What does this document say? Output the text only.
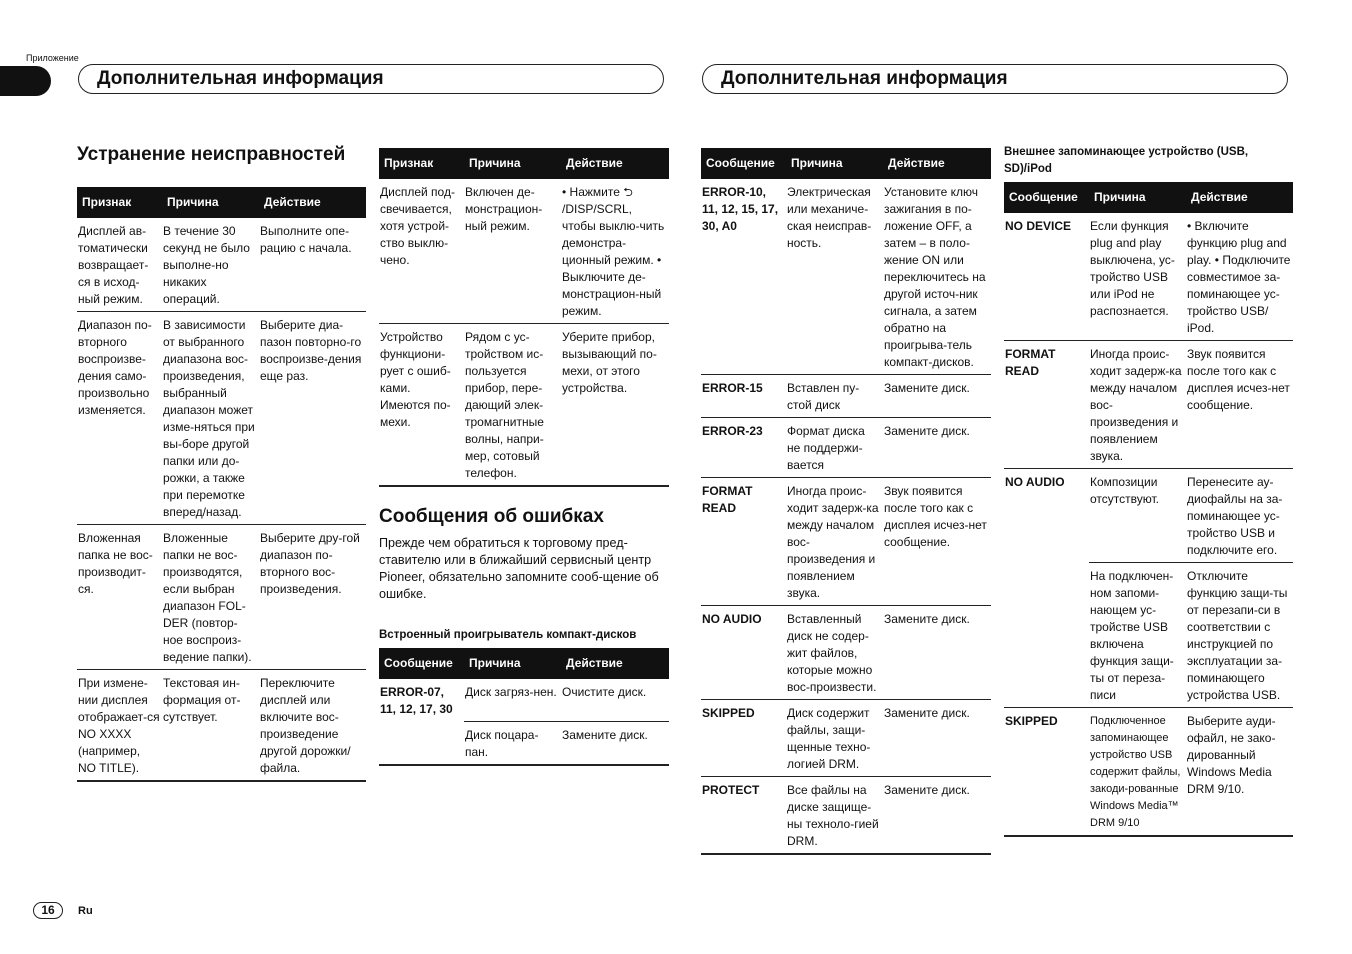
Приложение
Дополнительная информация	Дополнительная информация
Устранение неисправностей
Признак	Причина	Действие
Дисплей ав-томатически возвращает-ся в исход-ный режим.	В течение 30 секунд не было выполне-но никаких операций.	Выполните опе-рацию с начала.
Диапазон по-вторного воспроизве-дения само-произвольно изменяется.	В зависимости от выбранного диапазона вос-произведения, выбранный диапазон может изме-няться при вы-боре другой папки или до-рожки, а также при перемотке вперед/назад.	Выберите диа-пазон повторно-го воспроизве-дения еще раз.
Вложенная папка не вос-производит-ся.	Вложенные папки не вос-производятся, если выбран диапазон FOL-DER (повтор-ное воспроиз-ведение папки).	Выберите дру-гой диапазон по-вторного вос-произведения.
При измене-нии дисплея отображает-ся NO XXXX (например, NO TITLE).	Текстовая ин-формация от-сутствует.	Переключите дисплей или включите вос-произведение другой дорожки/ файла.
Признак	Причина	Действие
Дисплей под-свечивается, хотя устрой-ство выклю-чено.	Включен де-монстрацион-ный режим.	• Нажмите ⮌ /DISP/SCRL, чтобы выклю-чить демонстра-ционный режим. • Выключите де-монстрацион-ный режим.
Устройство функциони-рует с ошиб-ками. Имеются по-мехи.	Рядом с ус-тройством ис-пользуется прибор, пере-дающий элек-тромагнитные волны, напри-мер, сотовый телефон.	Уберите прибор, вызывающий по-мехи, от этого устройства.
Сообщения об ошибках
Прежде чем обратиться к торговому пред-ставителю или в ближайший сервисный центр Pioneer, обязательно запомните сооб-щение об ошибке.
Встроенный проигрыватель компакт-дисков
Сообщение	Причина	Действие
ERROR-07, 11, 12, 17, 30	Диск загряз-нен.	Очистите диск.
	Диск поцара-пан.	Замените диск.
Сообщение	Причина	Действие
ERROR-10, 11, 12, 15, 17, 30, A0	Электрическая или механиче-ская неисправ-ность.	Установите ключ зажигания в по-ложение OFF, а затем – в поло-жение ON или переключитесь на другой источ-ник сигнала, а затем обратно на проигрыва-тель компакт-дисков.
ERROR-15	Вставлен пу-стой диск	Замените диск.
ERROR-23	Формат диска не поддержи-вается	Замените диск.
FORMAT READ	Иногда проис-ходит задерж-ка между началом вос-произведения и появлением звука.	Звук появится после того как с дисплея исчез-нет сообщение.
NO AUDIO	Вставленный диск не содер-жит файлов, которые можно вос-произвести.	Замените диск.
SKIPPED	Диск содержит файлы, защи-щенные техно-логией DRM.	Замените диск.
PROTECT	Все файлы на диске защище-ны техноло-гией DRM.	Замените диск.
Внешнее запоминающее устройство (USB, SD)/iPod
Сообщение	Причина	Действие
NO DEVICE	Если функция plug and play выключена, ус-тройство USB или iPod не распознается.	• Включите функцию plug and play. • Подключите совместимое за-поминающее ус-тройство USB/ iPod.
FORMAT READ	Иногда проис-ходит задерж-ка между началом вос-произведения и появлением звука.	Звук появится после того как с дисплея исчез-нет сообщение.
NO AUDIO	Композиции отсутствуют.	Перенесите ау-диофайлы на за-поминающее ус-тройство USB и подключите его.
	На подключен-ном запоми-нающем ус-тройстве USB включена функция защи-ты от переза-писи	Отключите функцию защи-ты от перезапи-си в соответствии с инструкцией по эксплуатации за-поминающего устройства USB.
SKIPPED	Подключенное запоминающее устройство USB содержит файлы, закоди-рованные Windows Media™ DRM 9/10	Выберите ауди-офайл, не зако-дированный Windows Media DRM 9/10.
16	Ru
